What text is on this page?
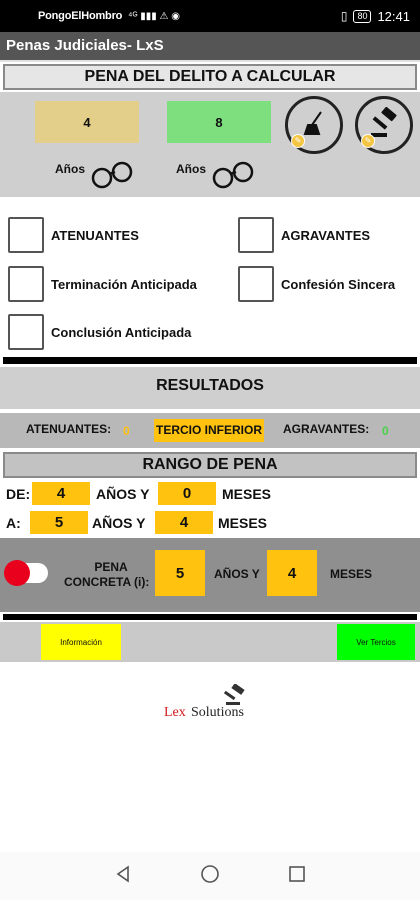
PongoElHombro ⁴ᴳ ▮▮▮ ⚠ ◉	▯	80 12:41
Penas Judiciales- LxS
PENA DEL DELITO A CALCULAR
4	8
Años	Años
✎	✎
ATENUANTES	AGRAVANTES
Terminación Anticipada	Confesión Sincera
Conclusión Anticipada
RESULTADOS
ATENUANTES: 0 TERCIO INFERIOR AGRAVANTES: 0
RANGO DE PENA
DE:	4	AÑOS Y	0	MESES
A:	5	AÑOS Y	4	MESES
PENA
CONCRETA (i):
5	AÑOS Y	4	MESES
Información	Ver Tercios
Lex Solutions
